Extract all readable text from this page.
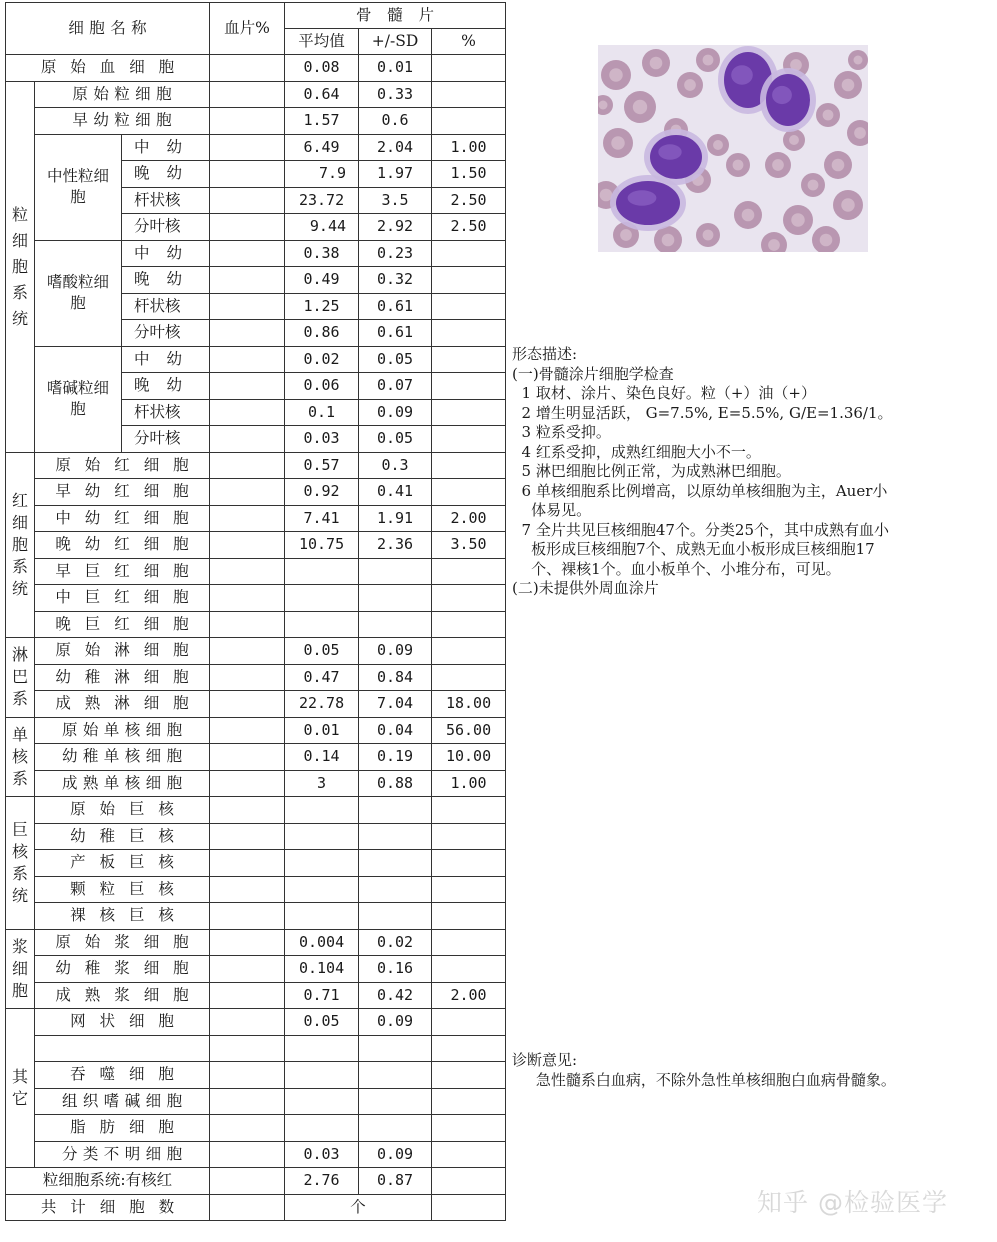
细胞名称			血片%	骨 髓 片		
				平均值	+/-SD	%
原始血细胞				0.08	0.01	

粒
细
胞
系
统	原始粒细胞			0.64	0.33	
	早幼粒细胞			1.57	0.6	
	中性粒细胞	中幼		6.49	2.04	1.00
		晚幼		7.9	1.97	1.50
		杆状核		23.72	3.5	2.50
		分叶核		9.44	2.92	2.50
	嗜酸粒细胞	中幼		0.38	0.23	
		晚幼		0.49	0.32	
		杆状核		1.25	0.61	
		分叶核		0.86	0.61	
	嗜碱粒细胞	中幼		0.02	0.05	
		晚幼		0.06	0.07	
		杆状核		0.1	0.09	
		分叶核		0.03	0.05	

红
细
胞
系
统	原始红细胞			0.57	0.3	
	早幼红细胞			0.92	0.41	
	中幼红细胞			7.41	1.91	2.00
	晚幼红细胞			10.75	2.36	3.50
	早巨红细胞					
	中巨红细胞					
	晚巨红细胞					

淋
巴
系	原始淋细胞			0.05	0.09	
	幼稚淋细胞			0.47	0.84	
	成熟淋细胞			22.78	7.04	18.00

单
核
系	原始单核细胞			0.01	0.04	56.00
	幼稚单核细胞			0.14	0.19	10.00
	成熟单核细胞			3	0.88	1.00

巨
核
系
统	原始巨核					
	幼稚巨核					
	产板巨核					
	颗粒巨核					
	裸核巨核					

浆
细
胞	原始浆细胞			0.004	0.02	
	幼稚浆细胞			0.104	0.16	
	成熟浆细胞			0.71	0.42	2.00

其
它	网状细胞			0.05	0.09	

	吞噬细胞					
	组织嗜碱细胞					
	脂肪细胞					
	分类不明细胞			0.03	0.09	
粒细胞系统:有核红				2.76	0.87	
共计细胞数				个		
形态描述:
(一)骨髓涂片细胞学检查
1 取材、涂片、染色良好。粒（+）油（+）
2 增生明显活跃， G=7.5%, E=5.5%, G/E=1.36/1。
3 粒系受抑。
4 红系受抑，成熟红细胞大小不一。
5 淋巴细胞比例正常，为成熟淋巴细胞。
6 单核细胞系比例增高，以原幼单核细胞为主，Auer小
体易见。
7 全片共见巨核细胞47个。分类25个，其中成熟有血小
板形成巨核细胞7个、成熟无血小板形成巨核细胞17
个、裸核1个。血小板单个、小堆分布，可见。
(二)未提供外周血涂片
诊断意见:
急性髓系白血病，不除外急性单核细胞白血病骨髓象。
知乎 @检验医学
